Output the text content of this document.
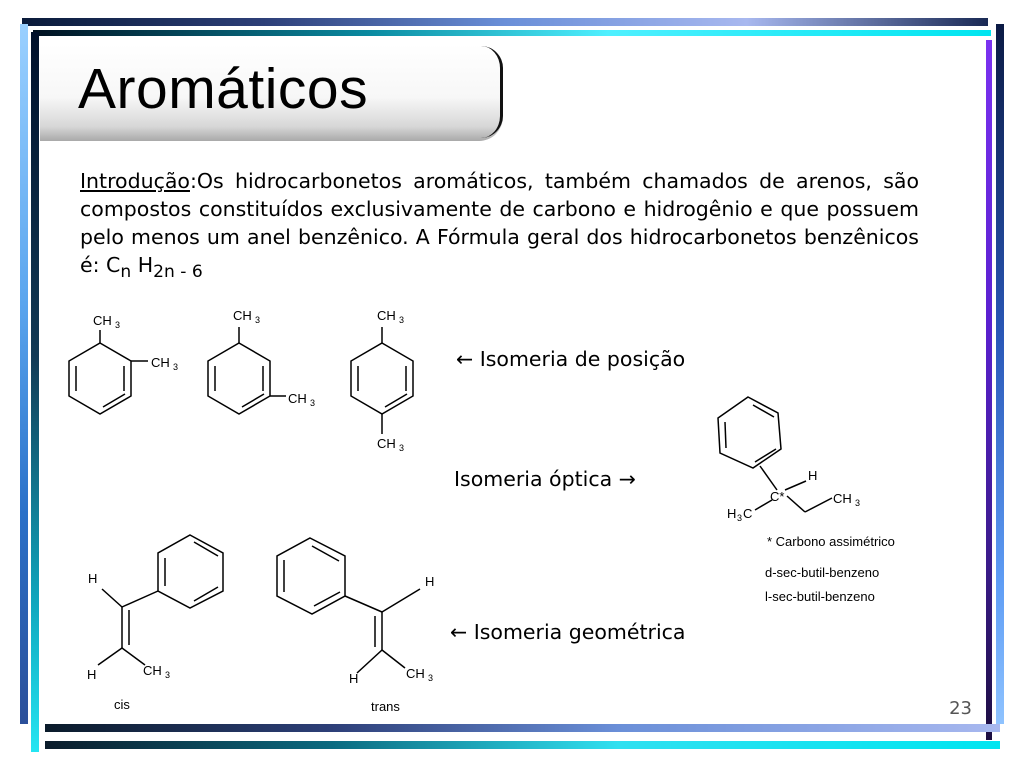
Aromáticos
Introdução:Os hidrocarbonetos aromáticos, também chamados de arenos, são compostos constituídos exclusivamente de carbono e hidrogênio e que possuem pelo menos um anel benzênico. A Fórmula geral dos hidrocarbonetos benzênicos é: $C_n$ $H_{2n - 6}$
← Isomeria de posição
Isomeria óptica →
← Isomeria geométrica
CH 3
CH 3
CH 3
CH 3
CH 3
CH 3
H
C*	CH 3
H 3 C
* Carbono assimétrico
d-sec-butil-benzeno
l-sec-butil-benzeno
H
H	CH 3
cis
H
H	CH 3
trans	23
